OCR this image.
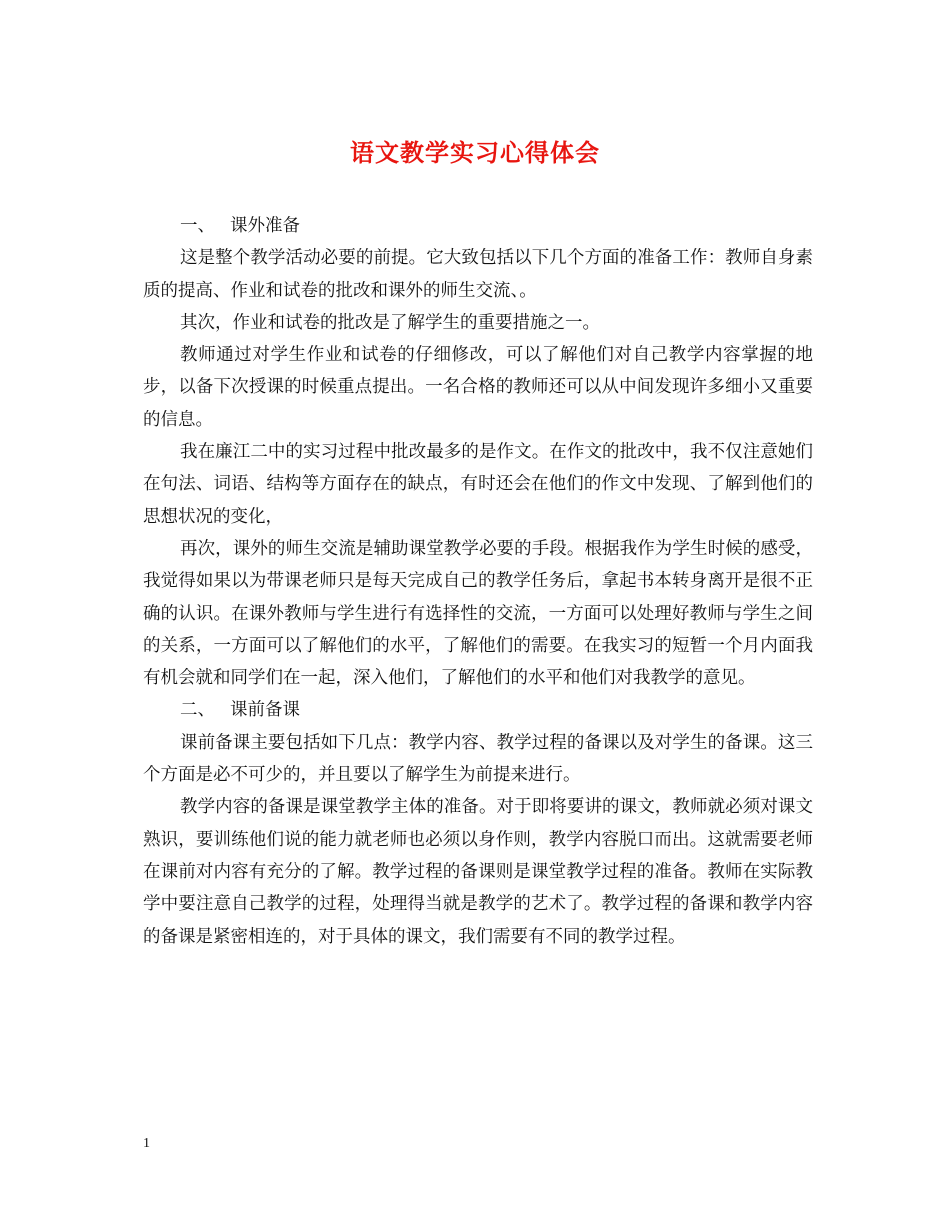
语文教学实习心得体会

一、 课外准备

这是整个教学活动必要的前提。它大致包括以下几个方面的准备工作：教师自身素质的提高、作业和试卷的批改和课外的师生交流、。

其次，作业和试卷的批改是了解学生的重要措施之一。

教师通过对学生作业和试卷的仔细修改，可以了解他们对自己教学内容掌握的地步，以备下次授课的时候重点提出。一名合格的教师还可以从中间发现许多细小又重要的信息。

我在廉江二中的实习过程中批改最多的是作文。在作文的批改中，我不仅注意她们在句法、词语、结构等方面存在的缺点，有时还会在他们的作文中发现、了解到他们的思想状况的变化，

再次，课外的师生交流是辅助课堂教学必要的手段。根据我作为学生时候的感受，我觉得如果以为带课老师只是每天完成自己的教学任务后，拿起书本转身离开是很不正确的认识。在课外教师与学生进行有选择性的交流，一方面可以处理好教师与学生之间的关系，一方面可以了解他们的水平，了解他们的需要。在我实习的短暂一个月内面我有机会就和同学们在一起，深入他们，了解他们的水平和他们对我教学的意见。

二、 课前备课

课前备课主要包括如下几点：教学内容、教学过程的备课以及对学生的备课。这三个方面是必不可少的，并且要以了解学生为前提来进行。

教学内容的备课是课堂教学主体的准备。对于即将要讲的课文，教师就必须对课文熟识，要训练他们说的能力就老师也必须以身作则，教学内容脱口而出。这就需要老师在课前对内容有充分的了解。教学过程的备课则是课堂教学过程的准备。教师在实际教学中要注意自己教学的过程，处理得当就是教学的艺术了。教学过程的备课和教学内容的备课是紧密相连的，对于具体的课文，我们需要有不同的教学过程。

1
